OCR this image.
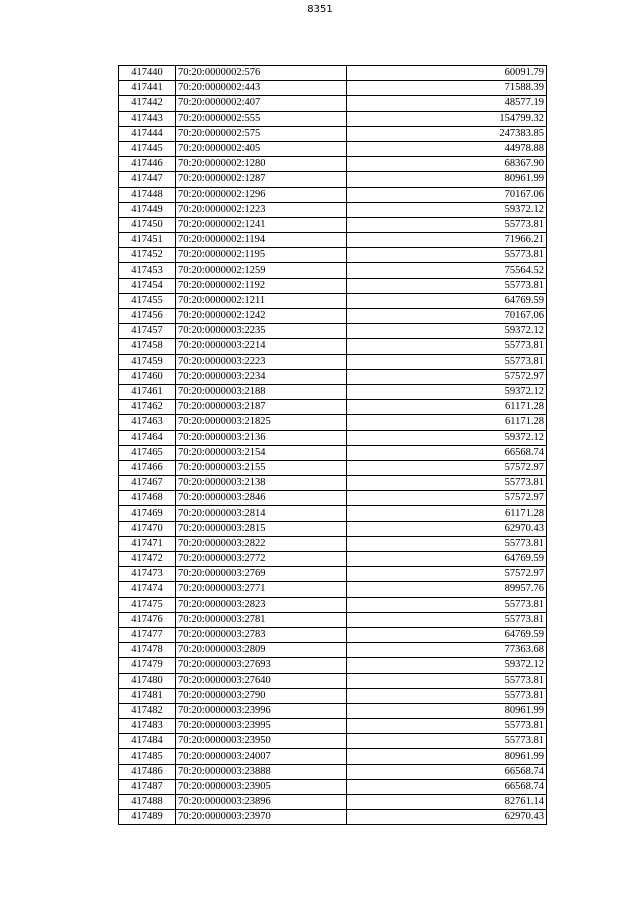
8351
417440	70:20:0000002:576	60091.79
417441	70:20:0000002:443	71588.39
417442	70:20:0000002:407	48577.19
417443	70:20:0000002:555	154799.32
417444	70:20:0000002:575	247383.85
417445	70:20:0000002:405	44978.88
417446	70:20:0000002:1280	68367.90
417447	70:20:0000002:1287	80961.99
417448	70:20:0000002:1296	70167.06
417449	70:20:0000002:1223	59372.12
417450	70:20:0000002:1241	55773.81
417451	70:20:0000002:1194	71966.21
417452	70:20:0000002:1195	55773.81
417453	70:20:0000002:1259	75564.52
417454	70:20:0000002:1192	55773.81
417455	70:20:0000002:1211	64769.59
417456	70:20:0000002:1242	70167.06
417457	70:20:0000003:2235	59372.12
417458	70:20:0000003:2214	55773.81
417459	70:20:0000003:2223	55773.81
417460	70:20:0000003:2234	57572.97
417461	70:20:0000003:2188	59372.12
417462	70:20:0000003:2187	61171.28
417463	70:20:0000003:21825	61171.28
417464	70:20:0000003:2136	59372.12
417465	70:20:0000003:2154	66568.74
417466	70:20:0000003:2155	57572.97
417467	70:20:0000003:2138	55773.81
417468	70:20:0000003:2846	57572.97
417469	70:20:0000003:2814	61171.28
417470	70:20:0000003:2815	62970.43
417471	70:20:0000003:2822	55773.81
417472	70:20:0000003:2772	64769.59
417473	70:20:0000003:2769	57572.97
417474	70:20:0000003:2771	89957.76
417475	70:20:0000003:2823	55773.81
417476	70:20:0000003:2781	55773.81
417477	70:20:0000003:2783	64769.59
417478	70:20:0000003:2809	77363.68
417479	70:20:0000003:27693	59372.12
417480	70:20:0000003:27640	55773.81
417481	70:20:0000003:2790	55773.81
417482	70:20:0000003:23996	80961.99
417483	70:20:0000003:23995	55773.81
417484	70:20:0000003:23950	55773.81
417485	70:20:0000003:24007	80961.99
417486	70:20:0000003:23888	66568.74
417487	70:20:0000003:23905	66568.74
417488	70:20:0000003:23896	82761.14
417489	70:20:0000003:23970	62970.43
